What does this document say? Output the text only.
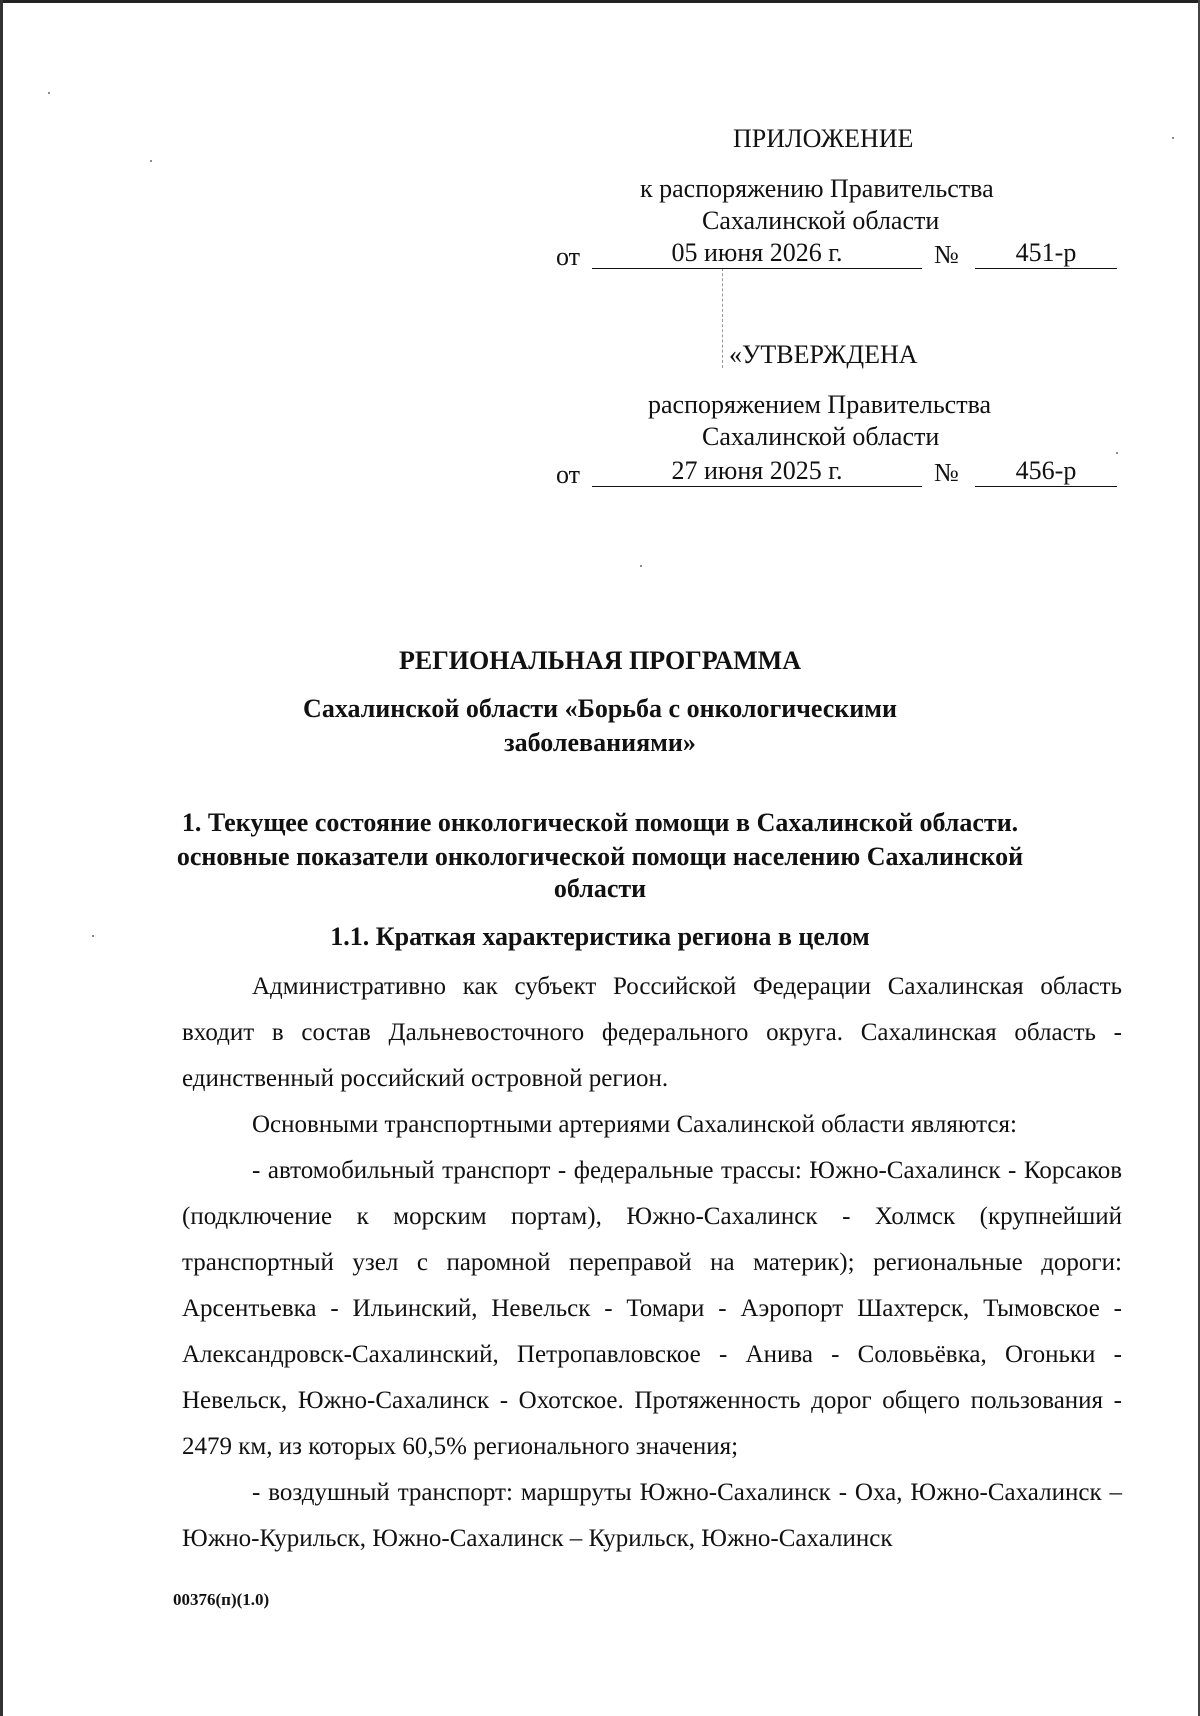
ПРИЛОЖЕНИЕ
к распоряжению Правительства
Сахалинской области
от	05 июня 2026 г.	№	451-р
«УТВЕРЖДЕНА
распоряжением Правительства
Сахалинской области
от	27 июня 2025 г.	№	456-р
РЕГИОНАЛЬНАЯ ПРОГРАММА
Сахалинской области «Борьба с онкологическими
заболеваниями»
1. Текущее состояние онкологической помощи в Сахалинской области.
основные показатели онкологической помощи населению Сахалинской
области
1.1. Краткая характеристика региона в целом
Административно как субъект Российской Федерации Сахалинская область входит в состав Дальневосточного федерального округа. Сахалинская область - единственный российский островной регион.
Основными транспортными артериями Сахалинской области являются:
- автомобильный транспорт - федеральные трассы: Южно-Сахалинск - Корсаков (подключение к морским портам), Южно-Сахалинск - Холмск (крупнейший транспортный узел с паромной переправой на материк); региональные дороги: Арсентьевка - Ильинский, Невельск - Томари - Аэропорт Шахтерск, Тымовское - Александровск-Сахалинский, Петропавловское - Анива - Соловьёвка, Огоньки - Невельск, Южно-Сахалинск - Охотское. Протяженность дорог общего пользования - 2479 км, из которых 60,5% регионального значения;
- воздушный транспорт: маршруты Южно-Сахалинск - Оха, Южно-Сахалинск – Южно-Курильск, Южно-Сахалинск – Курильск, Южно-Сахалинск
00376(п)(1.0)
